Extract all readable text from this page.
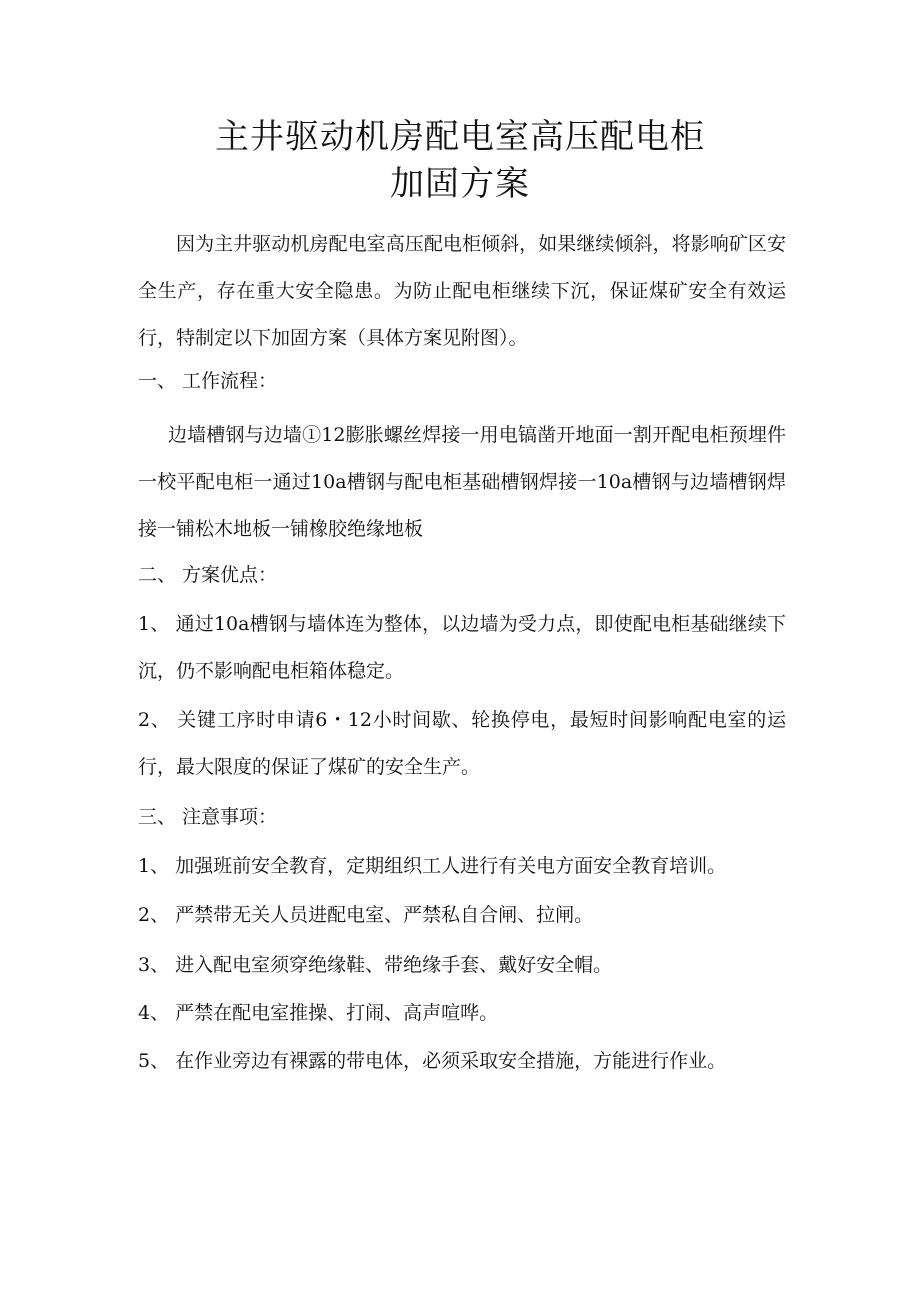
主井驱动机房配电室高压配电柜
加固方案

因为主井驱动机房配电室高压配电柜倾斜，如果继续倾斜，将影响矿区安全生产，存在重大安全隐患。为防止配电柜继续下沉，保证煤矿安全有效运行，特制定以下加固方案（具体方案见附图）。

一、 工作流程：

边墙槽钢与边墙①12膨胀螺丝焊接一用电镐凿开地面一割开配电柜预埋件一校平配电柜一通过10a槽钢与配电柜基础槽钢焊接一10a槽钢与边墙槽钢焊接一铺松木地板一铺橡胶绝缘地板

二、 方案优点：

1、 通过10a槽钢与墙体连为整体，以边墙为受力点，即使配电柜基础继续下沉，仍不影响配电柜箱体稳定。

2、 关键工序时申请6・12小时间歇、轮换停电，最短时间影响配电室的运行，最大限度的保证了煤矿的安全生产。

三、 注意事项：

1、 加强班前安全教育，定期组织工人进行有关电方面安全教育培训。

2、 严禁带无关人员进配电室、严禁私自合闸、拉闸。

3、 进入配电室须穿绝缘鞋、带绝缘手套、戴好安全帽。

4、 严禁在配电室推操、打闹、高声喧哗。

5、 在作业旁边有裸露的带电体，必须采取安全措施，方能进行作业。
